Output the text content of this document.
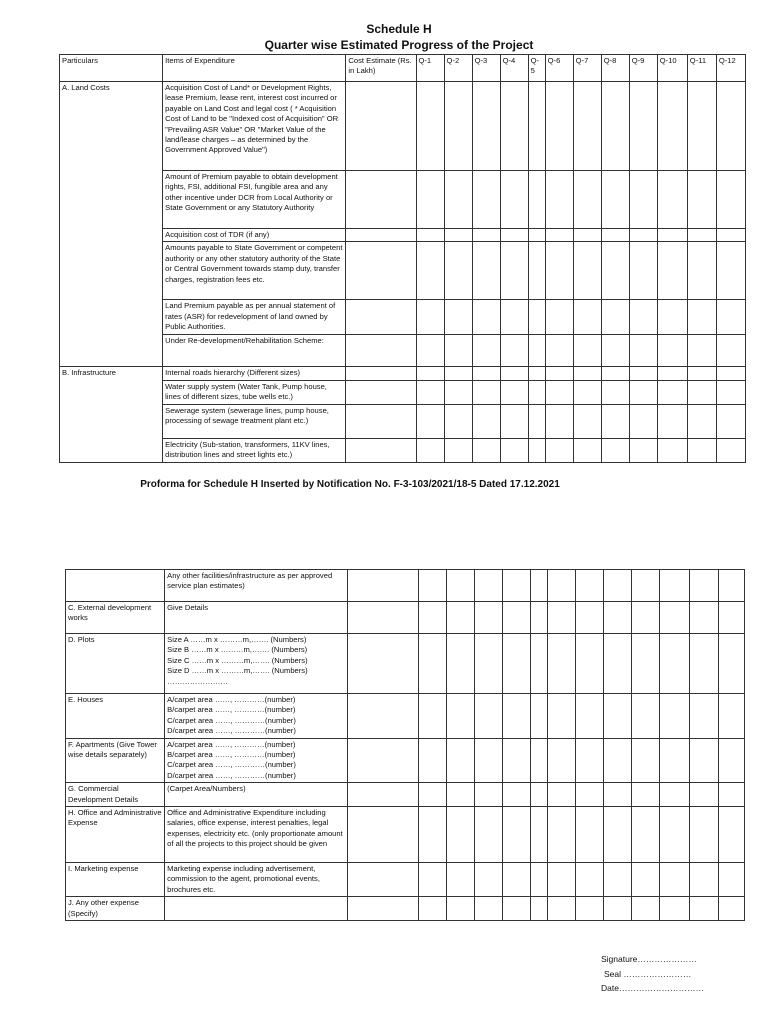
Schedule H
Quarter wise Estimated Progress of the Project
Particulars	Items of Expenditure	Cost Estimate (Rs. in Lakh)	Q-1	Q-2	Q-3	Q-4	Q-5	Q-6	Q-7	Q-8	Q-9	Q-10	Q-11	Q-12
A. Land Costs	Acquisition Cost of Land* or Development Rights, lease Premium, lease rent, interest cost incurred or payable on Land Cost and legal cost ( * Acquisition Cost of Land to be "Indexed cost of Acquisition" OR "Prevailing ASR Value" OR "Market Value of the land/lease charges – as determined by the Government Approved Value")													
	Amount of Premium payable to obtain development rights, FSI, additional FSI, fungible area and any other incentive under DCR from Local Authority or State Government or any Statutory Authority													
	Acquisition cost of TDR (if any)													
	Amounts payable to State Government or competent authority or any other statutory authority of the State or Central Government towards stamp duty, transfer charges, registration fees etc.													
	Land Premium payable as per annual statement of rates (ASR) for redevelopment of land owned by Public Authorities.													
	Under Re-development/Rehabilitation Scheme:													
B. Infrastructure	Internal roads hierarchy (Different sizes)													
	Water supply system (Water Tank, Pump house, lines of different sizes, tube wells etc.)													
	Sewerage system (sewerage lines, pump house, processing of sewage treatment plant etc.)													
	Electricity (Sub-station, transformers, 11KV lines, distribution lines and street lights etc.)													
Proforma for Schedule H Inserted by Notification No. F-3-103/2021/18-5 Dated 17.12.2021
	Any other facilities/infrastructure as per approved service plan estimates)													
C. External development works	Give Details													
D. Plots	Size A ……m x ………m,……. (Numbers)
Size B ……m x ………m,……. (Numbers)
Size C ……m x ………m,……. (Numbers)
Size D ……m x ………m,……. (Numbers)
……………………													

E. Houses	A/carpet area ……, …………(number)
B/carpet area ……, …………(number)
C/carpet area ……, …………(number)
D/carpet area ……, …………(number)													

F. Apartments (Give Tower wise details separately)	A/carpet area ……, …………(number)
B/carpet area ……, …………(number)
C/carpet area ……, …………(number)
D/carpet area ……, …………(number)													

G. Commercial Development Details	(Carpet Area/Numbers)													
H. Office and Administrative Expense	Office and Administrative Expenditure including salaries, office expense, interest penalties, legal expenses, electricity etc. (only proportionate amount of all the projects to this project should be given													
I. Marketing expense	Marketing expense including advertisement, commission to the agent, promotional events, brochures etc.													
J. Any other expense (Specify)														
Signature…………………
Seal ……………………
Date…………………………
